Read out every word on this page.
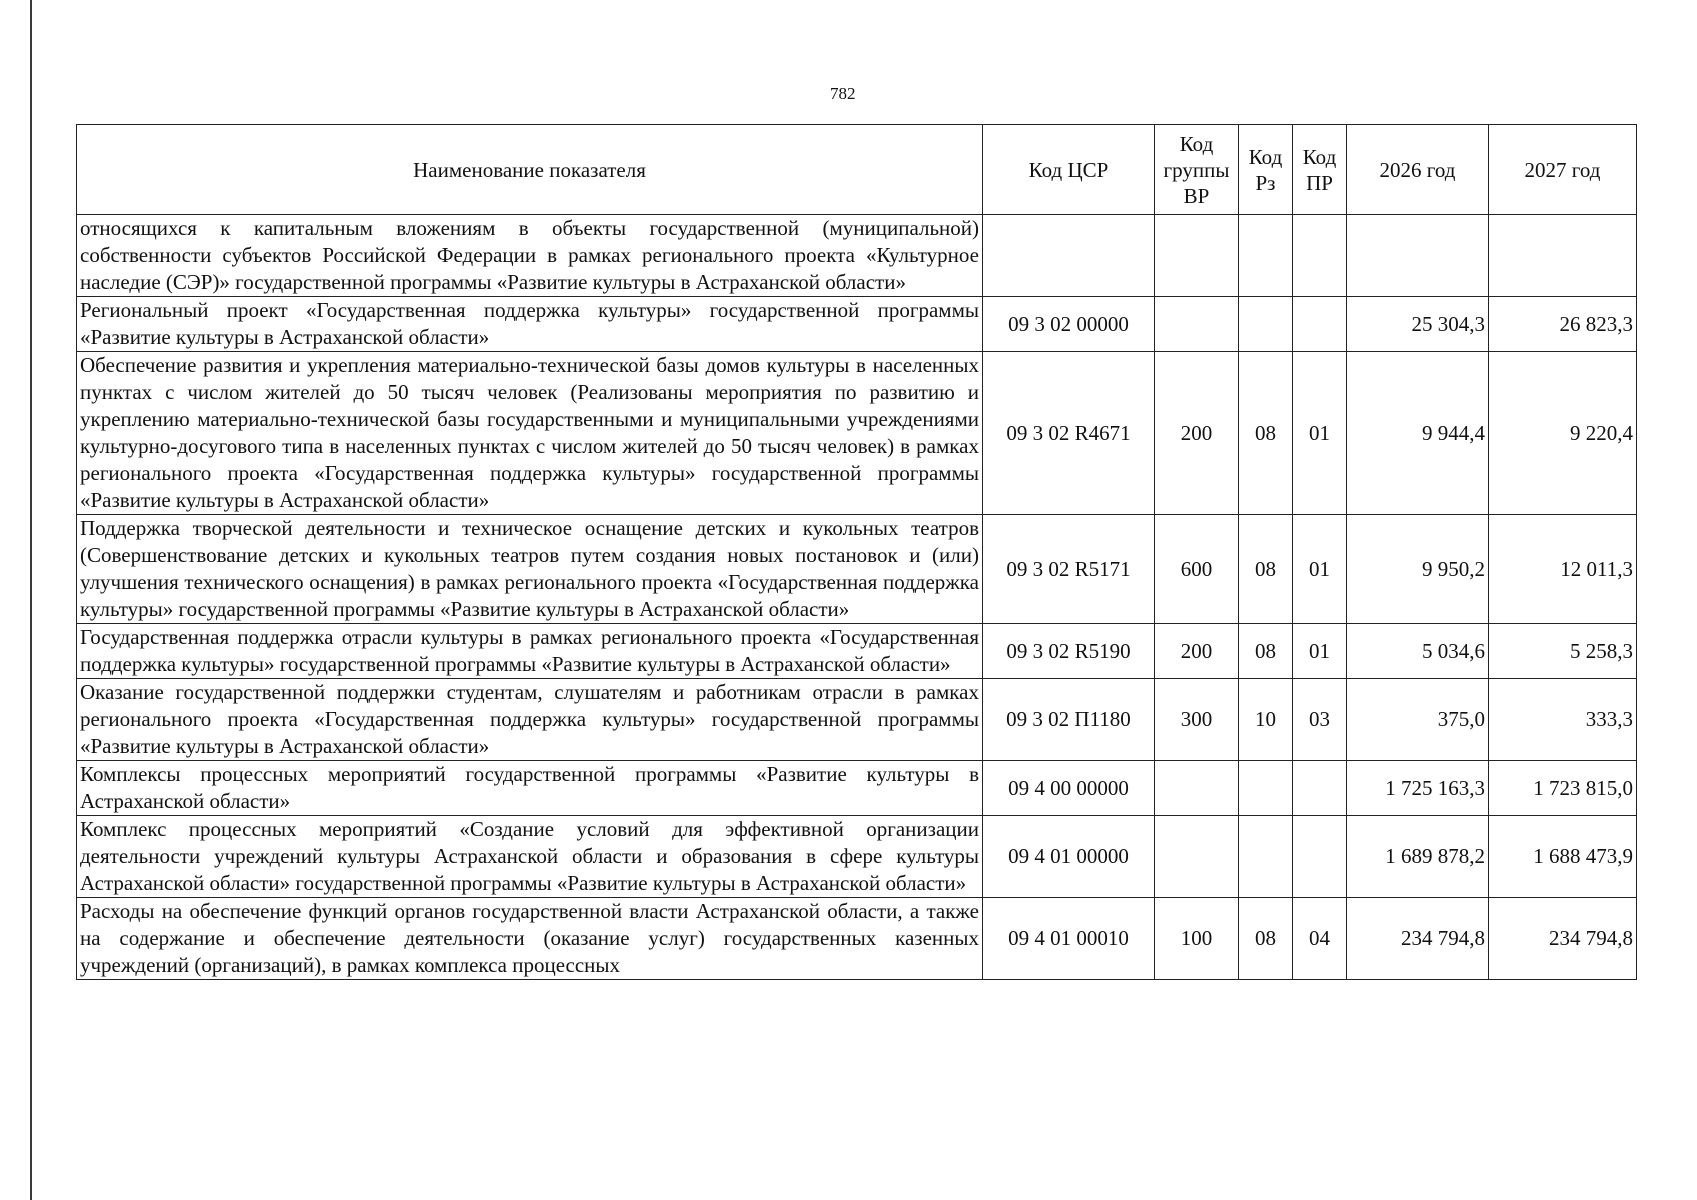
782
Наименование показателя	Код ЦСР	Код группы ВР	Код Рз	Код ПР	2026 год	2027 год
относящихся к капитальным вложениям в объекты государственной (муниципальной) собственности субъектов Российской Федерации в рамках регионального проекта «Культурное наследие (СЭР)» государственной программы «Развитие культуры в Астраханской области»						
Региональный проект «Государственная поддержка культуры» государственной программы «Развитие культуры в Астраханской области»	09 3 02 00000				25 304,3	26 823,3
Обеспечение развития и укрепления материально-технической базы домов культуры в населенных пунктах с числом жителей до 50 тысяч человек (Реализованы мероприятия по развитию и укреплению материально-технической базы государственными и муниципальными учреждениями культурно-досугового типа в населенных пунктах с числом жителей до 50 тысяч человек) в рамках регионального проекта «Государственная поддержка культуры» государственной программы «Развитие культуры в Астраханской области»	09 3 02 R4671	200	08	01	9 944,4	9 220,4
Поддержка творческой деятельности и техническое оснащение детских и кукольных театров (Совершенствование детских и кукольных театров путем создания новых постановок и (или) улучшения технического оснащения) в рамках регионального проекта «Государственная поддержка культуры» государственной программы «Развитие культуры в Астраханской области»	09 3 02 R5171	600	08	01	9 950,2	12 011,3
Государственная поддержка отрасли культуры в рамках регионального проекта «Государственная поддержка культуры» государственной программы «Развитие культуры в Астраханской области»	09 3 02 R5190	200	08	01	5 034,6	5 258,3
Оказание государственной поддержки студентам, слушателям и работникам отрасли в рамках регионального проекта «Государственная поддержка культуры» государственной программы «Развитие культуры в Астраханской области»	09 3 02 П1180	300	10	03	375,0	333,3
Комплексы процессных мероприятий государственной программы «Развитие культуры в Астраханской области»	09 4 00 00000				1 725 163,3	1 723 815,0
Комплекс процессных мероприятий «Создание условий для эффективной организации деятельности учреждений культуры Астраханской области и образования в сфере культуры Астраханской области» государственной программы «Развитие культуры в Астраханской области»	09 4 01 00000				1 689 878,2	1 688 473,9
Расходы на обеспечение функций органов государственной власти Астраханской области, а также на содержание и обеспечение деятельности (оказание услуг) государственных казенных учреждений (организаций), в рамках комплекса процессных	09 4 01 00010	100	08	04	234 794,8	234 794,8
